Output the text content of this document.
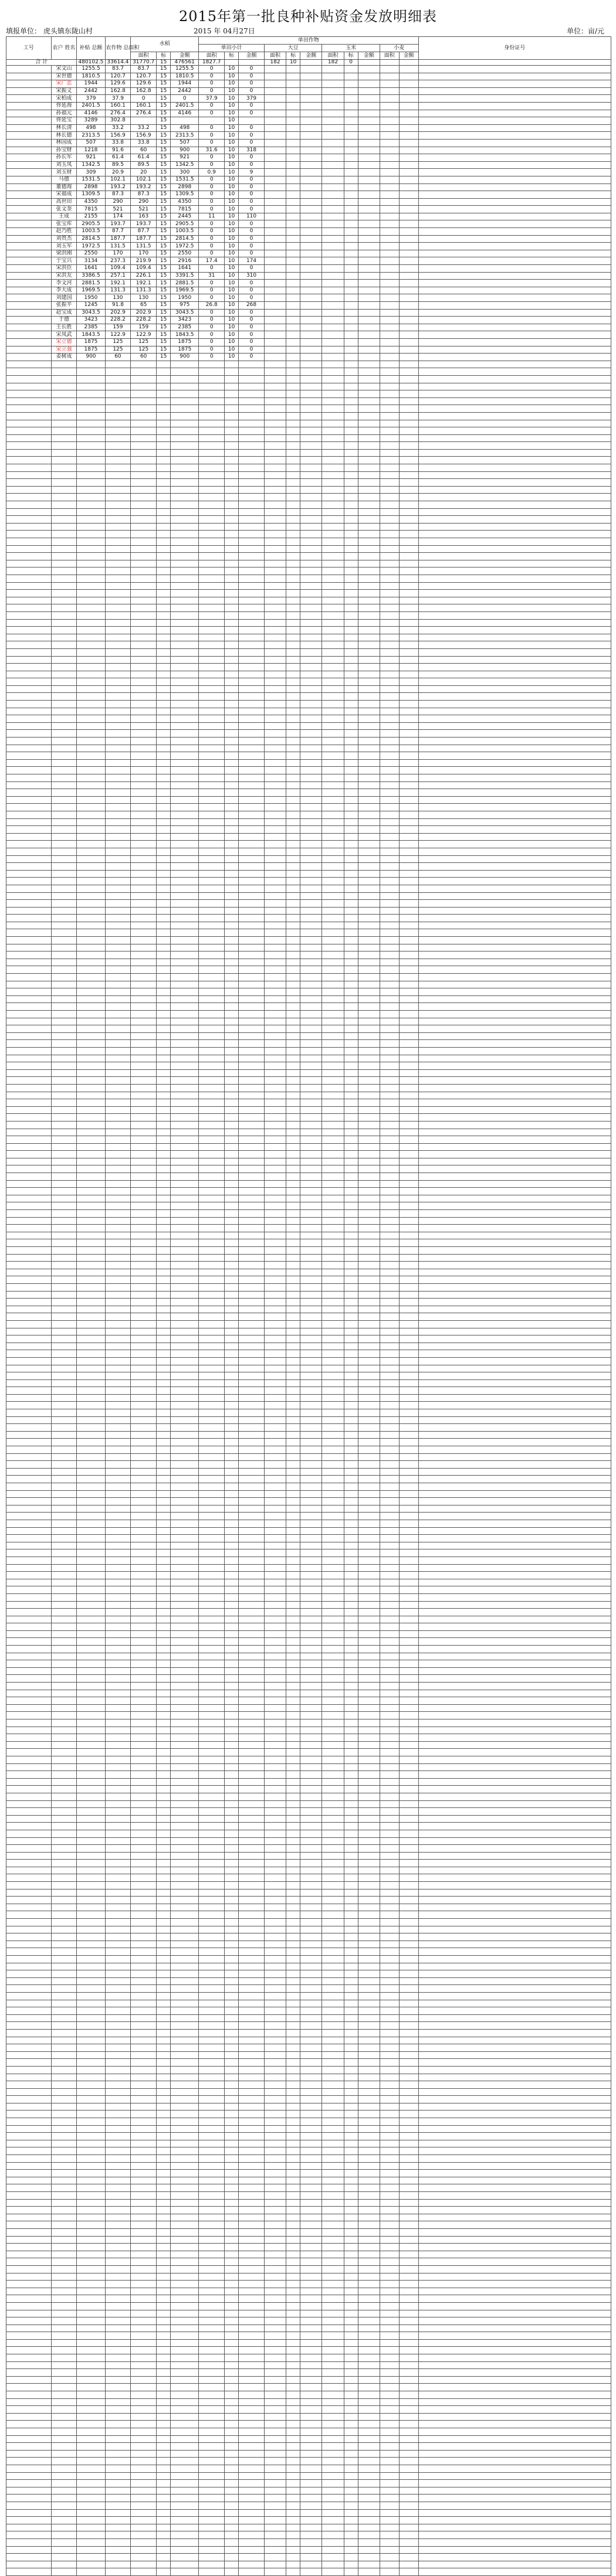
2015年第一批良种补贴资金发放明细表
填报单位： 虎头镇东陇山村	2015 年 04月27日	单位：亩/元
工号	农户 姓名	补贴 总额	农作物 总面积	水稻			单田作物											身份证号
							单田小计			大豆			玉米			小麦		
				面积	标	金额	面积	标	金额	面积	标	金额	面积	标	金额	面积	金额	

合 计		480102.5	33614.4	31770.7	15	476561	1827.7			182	10		182	0				
	宋文山	1255.5	83.7	83.7	15	1255.5	0	10	0									
	宋世德	1810.5	120.7	120.7	15	1810.5	0	10	0									
	宋广忠	1944	129.6	129.6	15	1944	0	10	0									
	宋振义	2442	162.8	162.8	15	2442	0	10	0									
	宋柏成	379	37.9	0	15	0	37.9	10	379									
	佟延海	2401.5	160.1	160.1	15	2401.5	0	10	0									
	孙福元	4146	276.4	276.4	15	4146	0	10	0									
	佟延宝	3289	302.8		15			10										
	林长清	498	33.2	33.2	15	498	0	10	0									
	林长德	2313.5	156.9	156.9	15	2313.5	0	10	0									
	林国成	507	33.8	33.8	15	507	0	10	0									
	孙宝财	1218	91.6	60	15	900	31.6	10	318									
	孙长军	921	61.4	61.4	15	921	0	10	0									
	刘玉凤	1342.5	89.5	89.5	15	1342.5	0	10	0									
	刘玉财	309	20.9	20	15	300	0.9	10	9									
	马德	1531.5	102.1	102.1	15	1531.5	0	10	0									
	董德海	2898	193.2	193.2	15	2898	0	10	0									
	宋福成	1309.5	87.3	87.3	15	1309.5	0	10	0									
	高世田	4350	290	290	15	4350	0	10	0									
	张文奎	7815	521	521	15	7815	0	10	0									
	王成	2155	174	163	15	2445	11	10	110									
	张宝库	2905.5	193.7	193.7	15	2905.5	0	10	0									
	赵乃胜	1003.5	87.7	87.7	15	1003.5	0	10	0									
	刘贵杰	2814.5	187.7	187.7	15	2814.5	0	10	0									
	刘玉军	1972.5	131.5	131.5	15	1972.5	0	10	0									
	梁洪刚	2550	170	170	15	2550	0	10	0									
	于宝兴	3134	237.3	219.9	15	2916	17.4	10	174									
	宋洪臣	1641	109.4	109.4	15	1641	0	10	0									
	宋洪友	3386.5	257.1	226.1	15	3391.5	31	10	310									
	李文河	2881.5	192.1	192.1	15	2881.5	0	10	0									
	李大成	1969.5	131.3	131.3	15	1969.5	0	10	0									
	刘建国	1950	130	130	15	1950	0	10	0									
	张振平	1245	91.8	65	15	975	26.8	10	268									
	赵宝成	3043.5	202.9	202.9	15	3043.5	0	10	0									
	于德	3423	228.2	228.2	15	3423	0	10	0									
	王长胜	2385	159	159	15	2385	0	10	0									
	宋凤武	1843.5	122.9	122.9	15	1843.5	0	10	0									
	宋立德	1875	125	125	15	1875	0	10	0									
	宋立强	1875	125	125	15	1875	0	10	0									
	姜树成	900	60	60	15	900	0	10	0									
